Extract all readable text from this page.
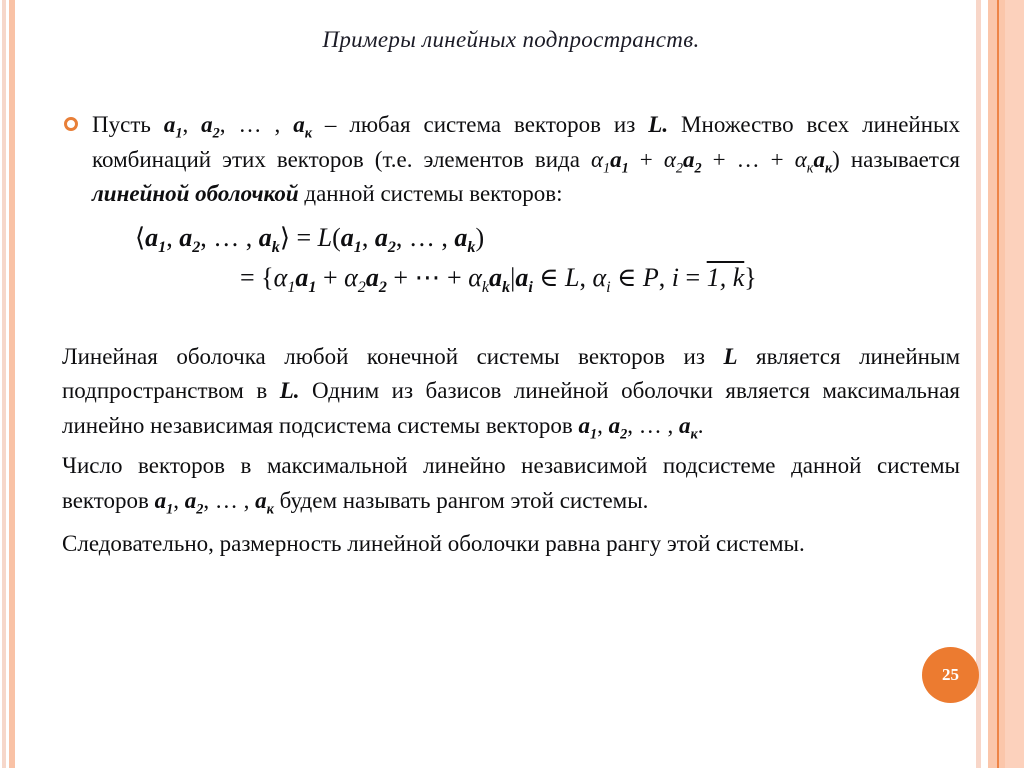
25
Примеры линейных подпространств.

Пусть $a_1$, $a_2$, … , $a_к$ – любая система векторов из L. Множество всех линейных комбинаций этих векторов (т.е. элементов вида $\alpha_1a_1 + \alpha_2a_2$ + … + $\alpha_кa_к$) называется линейной оболочкой данной системы векторов:

$⟨a_1$, $a_2$, … , $a_k⟩ = L(a_1$, $a_2$, … , $a_k$)
= {$\alpha_1a_1 + \alpha_2a_2$ + ⋯ + $\alpha_ka_k|a_i$ ∈ L, $\alpha_i$ ∈ P, i = 1, k}

Линейная оболочка любой конечной системы векторов из L является линейным подпространством в L. Одним из базисов линейной оболочки является максимальная линейно независимая подсистема системы векторов $a_1$, $a_2$, … , $a_к$.

Число векторов в максимальной линейно независимой подсистеме данной системы векторов $a_1$, $a_2$, … , $a_к$ будем называть рангом этой системы.

Следовательно, размерность линейной оболочки равна рангу этой системы.
